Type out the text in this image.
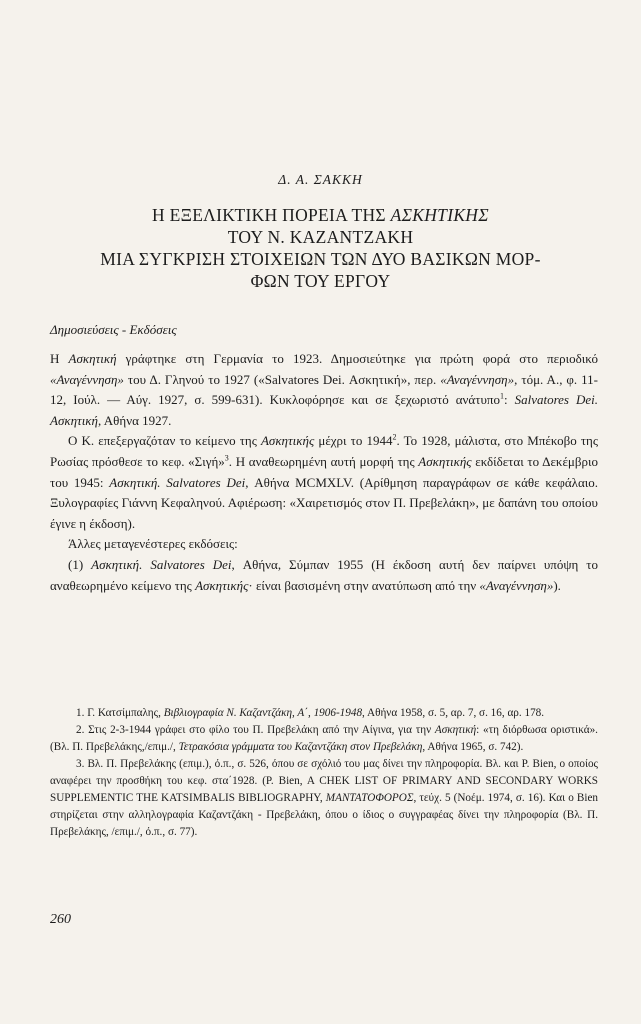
Δ. Α. ΣΑΚΚΗ
Η ΕΞΕΛΙΚΤΙΚΗ ΠΟΡΕΙΑ ΤΗΣ ΑΣΚΗΤΙΚΗΣ
ΤΟΥ Ν. ΚΑΖΑΝΤΖΑΚΗ
ΜΙΑ ΣΥΓΚΡΙΣΗ ΣΤΟΙΧΕΙΩΝ ΤΩΝ ΔΥΟ ΒΑΣΙΚΩΝ ΜΟΡ-
ΦΩΝ ΤΟΥ ΕΡΓΟΥ
Δημοσιεύσεις - Εκδόσεις

Η Ασκητική γράφτηκε στη Γερμανία το 1923. Δημοσιεύτηκε για πρώτη φορά στο περιοδικό «Αναγέννηση» του Δ. Γληνού το 1927 («Salvatores Dei. Ασκητική», περ. «Αναγέννηση», τόμ. Α., φ. 11-12, Ιούλ. — Αύγ. 1927, σ. 599-631). Κυκλοφόρησε και σε ξεχωριστό ανάτυπο$^1$: Salvatores Dei. Ασκητική, Αθήνα 1927.

Ο Κ. επεξεργαζόταν το κείμενο της Ασκητικής μέχρι το 1944$^2$. Το 1928, μάλιστα, στο Μπέκοβο της Ρωσίας πρόσθεσε το κεφ. «Σιγή»$^3$. Η αναθεωρημένη αυτή μορφή της Ασκητικής εκδίδεται το Δεκέμβριο του 1945: Ασκητική. Salvatores Dei, Αθήνα MCMXLV. (Αρίθμηση παραγράφων σε κάθε κεφάλαιο. Ξυλογραφίες Γιάννη Κεφαληνού. Αφιέρωση: «Χαιρετισμός στον Π. Πρεβελάκη», με δαπάνη του οποίου έγινε η έκδοση).

Άλλες μεταγενέστερες εκδόσεις:

(1) Ασκητική. Salvatores Dei, Αθήνα, Σύμπαν 1955 (Η έκδοση αυτή δεν παίρνει υπόψη το αναθεωρημένο κείμενο της Ασκητικής· είναι βασισμένη στην ανατύπωση από την «Αναγέννηση»).

1. Γ. Κατσίμπαλης, Βιβλιογραφία Ν. Καζαντζάκη, Α΄, 1906-1948, Αθήνα 1958, σ. 5, αρ. 7, σ. 16, αρ. 178.

2. Στις 2-3-1944 γράφει στο φίλο του Π. Πρεβελάκη από την Αίγινα, για την Ασκητική: «τη διόρθωσα οριστικά». (Βλ. Π. Πρεβελάκης,/επιμ./, Τετρακόσια γράμματα του Καζαντζάκη στον Πρεβελάκη, Αθήνα 1965, σ. 742).

3. Βλ. Π. Πρεβελάκης (επιμ.), ό.π., σ. 526, όπου σε σχόλιό του μας δίνει την πληροφορία. Βλ. και P. Bien, ο οποίος αναφέρει την προσθήκη του κεφ. στα΄1928. (P. Bien, A CHEK LIST OF PRIMARY AND SECONDARY WORKS SUPPLEMENTIC THE KATSIMBALIS BIBLIOGRAPHY, ΜΑΝΤΑΤΟΦΟΡΟΣ, τεύχ. 5 (Νοέμ. 1974, σ. 16). Και ο Bien στηρίζεται στην αλληλογραφία Καζαντζάκη - Πρεβελάκη, όπου ο ίδιος ο συγγραφέας δίνει την πληροφορία (Βλ. Π. Πρεβελάκης, /επιμ./, ό.π., σ. 77).

260
